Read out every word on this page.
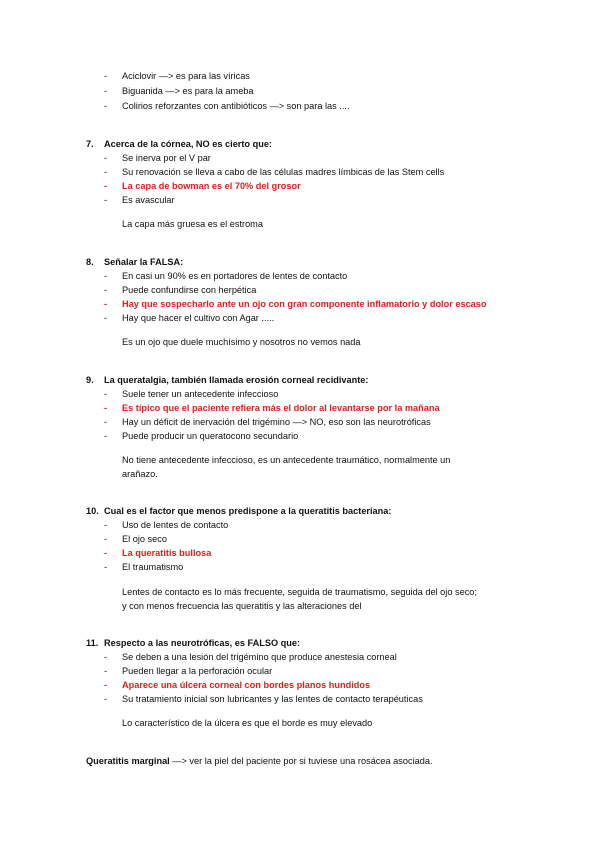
- Aciclovir —> es para las víricas
- Biguanida —> es para la ameba
- Colirios reforzantes con antibióticos —> son para las ....
7. Acerca de la córnea, NO es cierto que:
- Se inerva por el V par
- Su renovación se lleva a cabo de las células madres límbicas de las Stem cells
- La capa de bowman es el 70% del grosor
- Es avascular
La capa más gruesa es el estroma
8. Señalar la FALSA:
- En casi un 90% es en portadores de lentes de contacto
- Puede confundirse con herpética
- Hay que sospecharlo ante un ojo con gran componente inflamatorio y dolor escaso
- Hay que hacer el cultivo con Agar .....
Es un ojo que duele muchísimo y nosotros no vemos nada
9. La queratalgia, también llamada erosión corneal recidivante:
- Suele tener un antecedente infeccioso
- Es típico que el paciente refiera más el dolor al levantarse por la mañana
- Hay un déficit de inervación del trigémino —> NO, eso son las neurotróficas
- Puede producir un queratocono secundario
No tiene antecedente infeccioso, es un antecedente traumático, normalmente un
arañazo.
10. Cual es el factor que menos predispone a la queratitis bacteriana:
- Uso de lentes de contacto
- El ojo seco
- La queratitis bullosa
- El traumatismo
Lentes de contacto es lo más frecuente, seguida de traumatismo, seguida del ojo seco;
y con menos frecuencia las queratitis y las alteraciones del
11. Respecto a las neurotróficas, es FALSO que:
- Se deben a una lesión del trigémino que produce anestesia corneal
- Pueden llegar a la perforación ocular
- Aparece una úlcera corneal con bordes planos hundidos
- Su tratamiento inicial son lubricantes y las lentes de contacto terapéuticas
Lo característico de la úlcera es que el borde es muy elevado
Queratitis marginal —> ver la piel del paciente por si tuviese una rosácea asociada.
